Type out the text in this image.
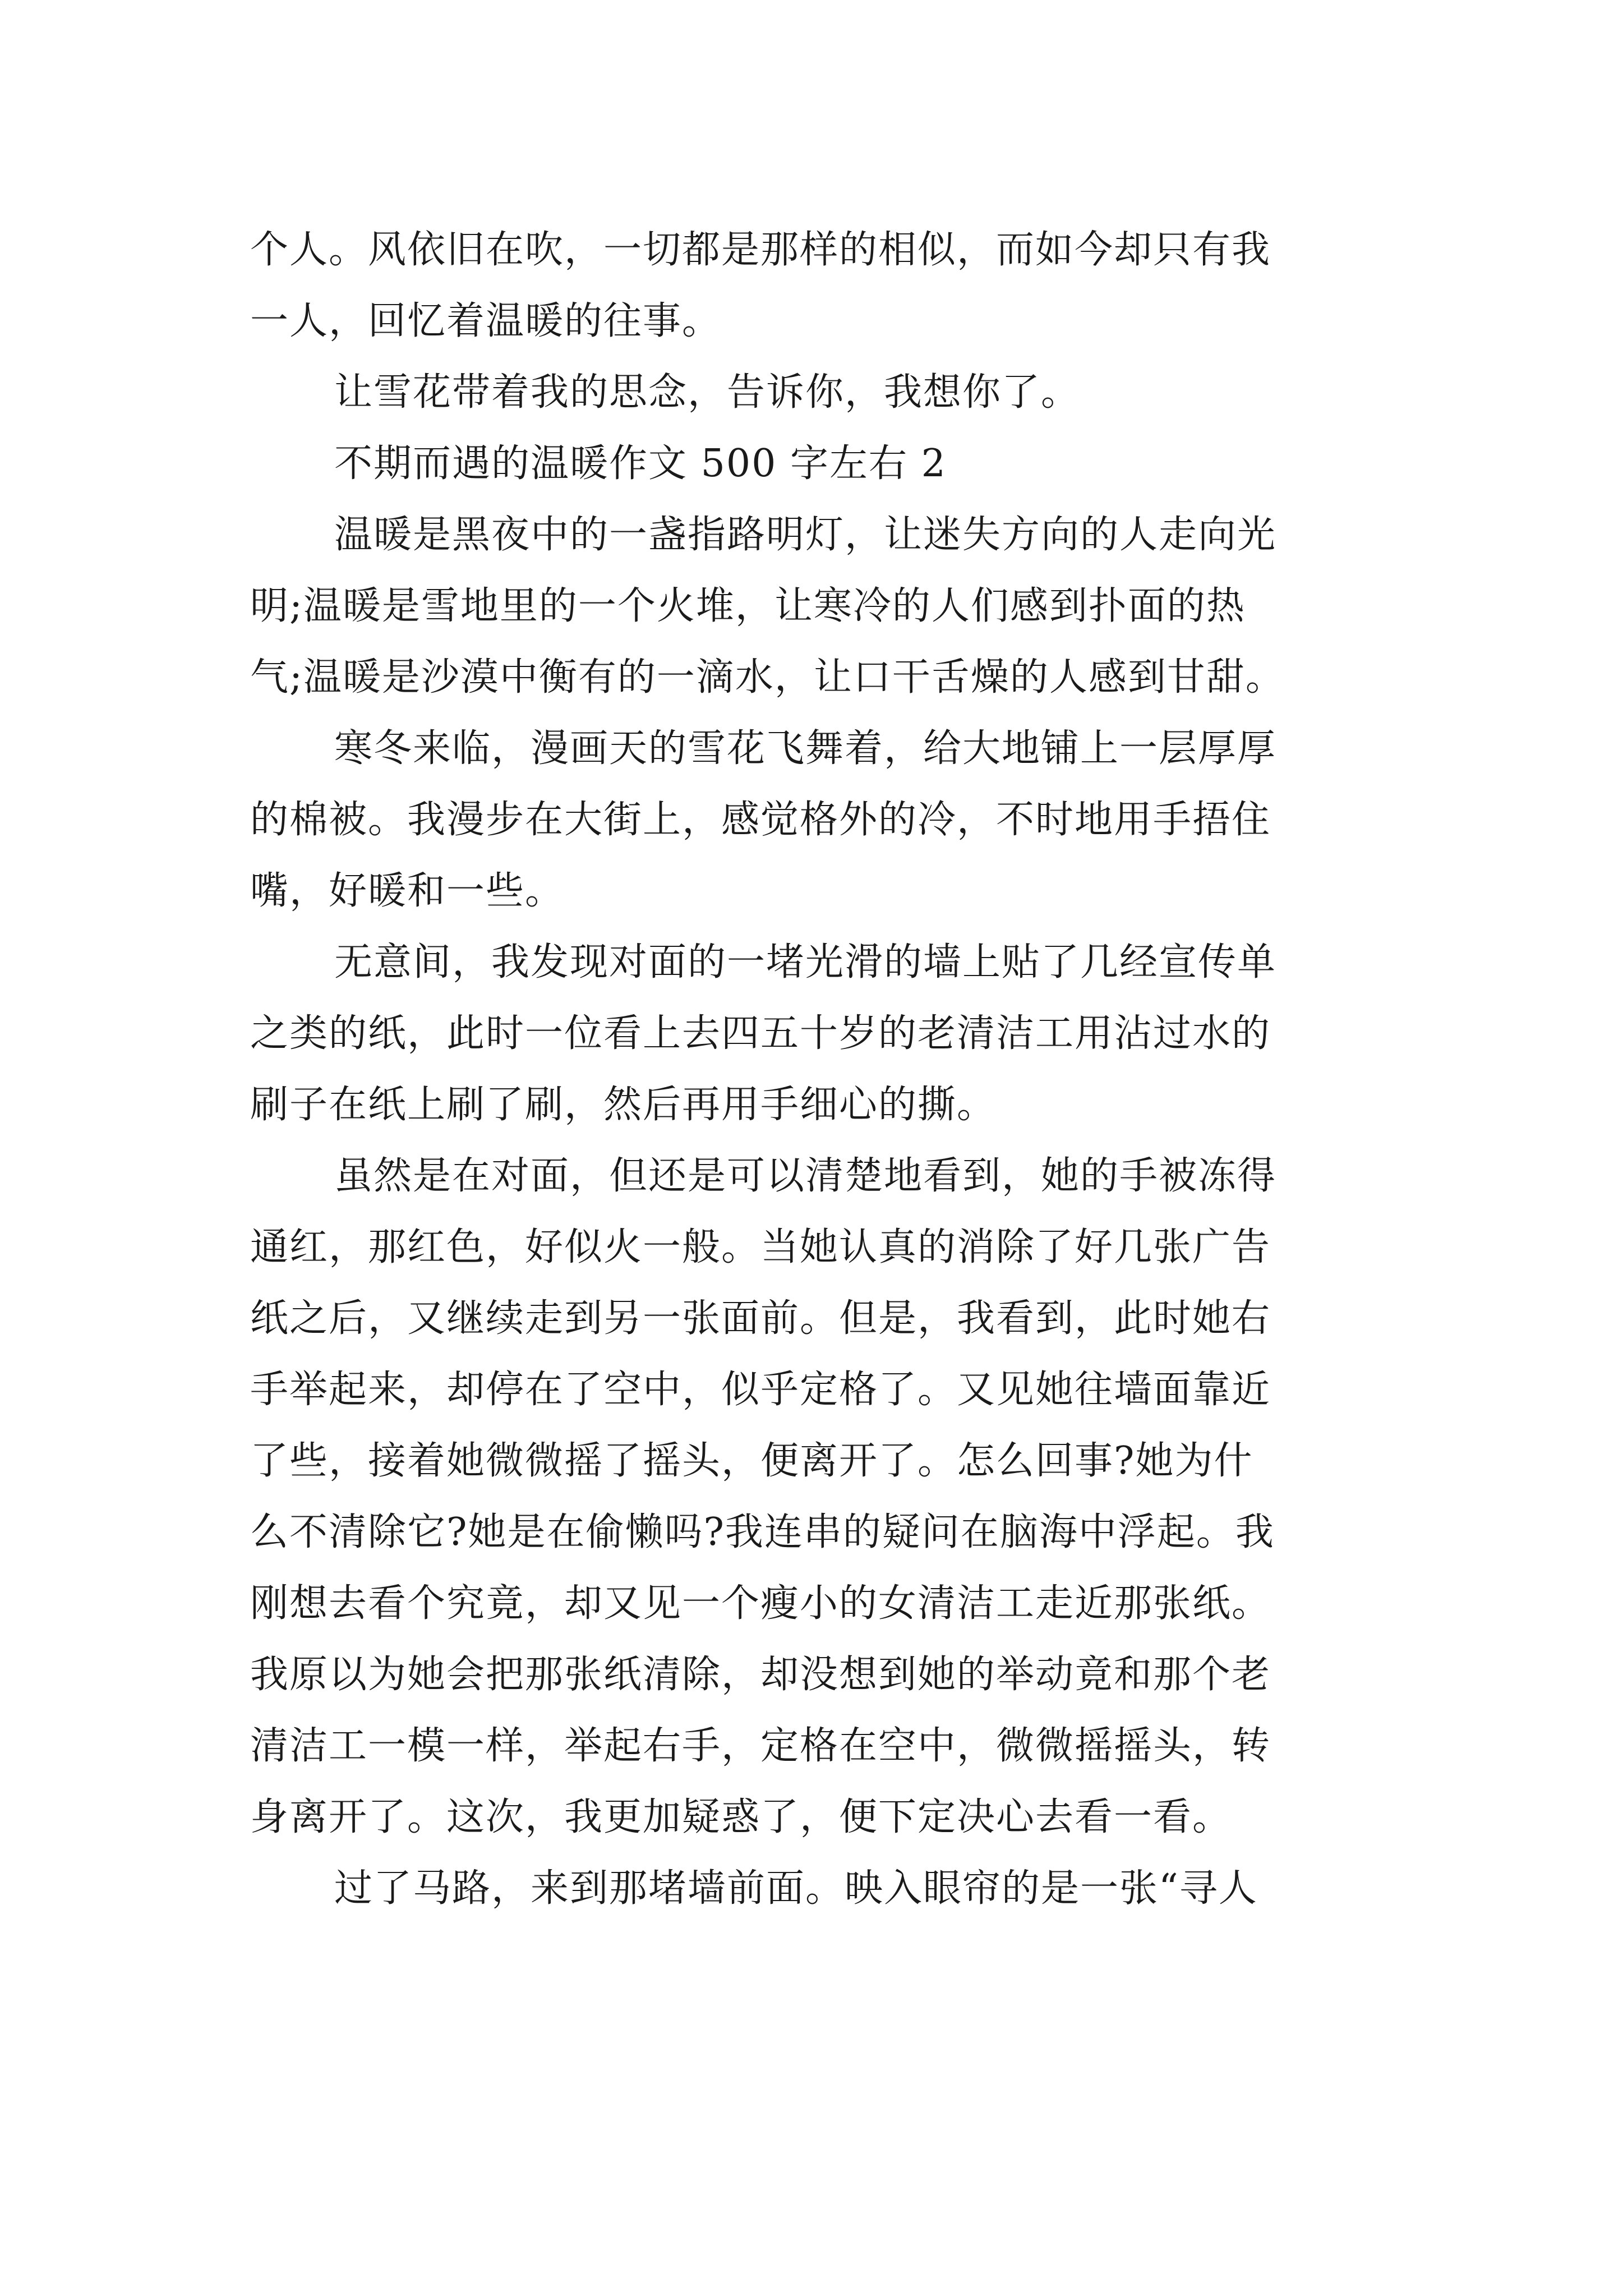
个人。风依旧在吹，一切都是那样的相似，而如今却只有我
一人，回忆着温暖的往事。
让雪花带着我的思念，告诉你，我想你了。
不期而遇的温暖作文 500 字左右 2
温暖是黑夜中的一盏指路明灯，让迷失方向的人走向光
明;温暖是雪地里的一个火堆，让寒冷的人们感到扑面的热
气;温暖是沙漠中衡有的一滴水，让口干舌燥的人感到甘甜。
寒冬来临，漫画天的雪花飞舞着，给大地铺上一层厚厚
的棉被。我漫步在大街上，感觉格外的冷，不时地用手捂住
嘴，好暖和一些。
无意间，我发现对面的一堵光滑的墙上贴了几经宣传单
之类的纸，此时一位看上去四五十岁的老清洁工用沾过水的
刷子在纸上刷了刷，然后再用手细心的撕。
虽然是在对面，但还是可以清楚地看到，她的手被冻得
通红，那红色，好似火一般。当她认真的消除了好几张广告
纸之后，又继续走到另一张面前。但是，我看到，此时她右
手举起来，却停在了空中，似乎定格了。又见她往墙面靠近
了些，接着她微微摇了摇头，便离开了。怎么回事?她为什
么不清除它?她是在偷懒吗?我连串的疑问在脑海中浮起。我
刚想去看个究竟，却又见一个瘦小的女清洁工走近那张纸。
我原以为她会把那张纸清除，却没想到她的举动竟和那个老
清洁工一模一样，举起右手，定格在空中，微微摇摇头，转
身离开了。这次，我更加疑惑了，便下定决心去看一看。
过了马路，来到那堵墙前面。映入眼帘的是一张“寻人
